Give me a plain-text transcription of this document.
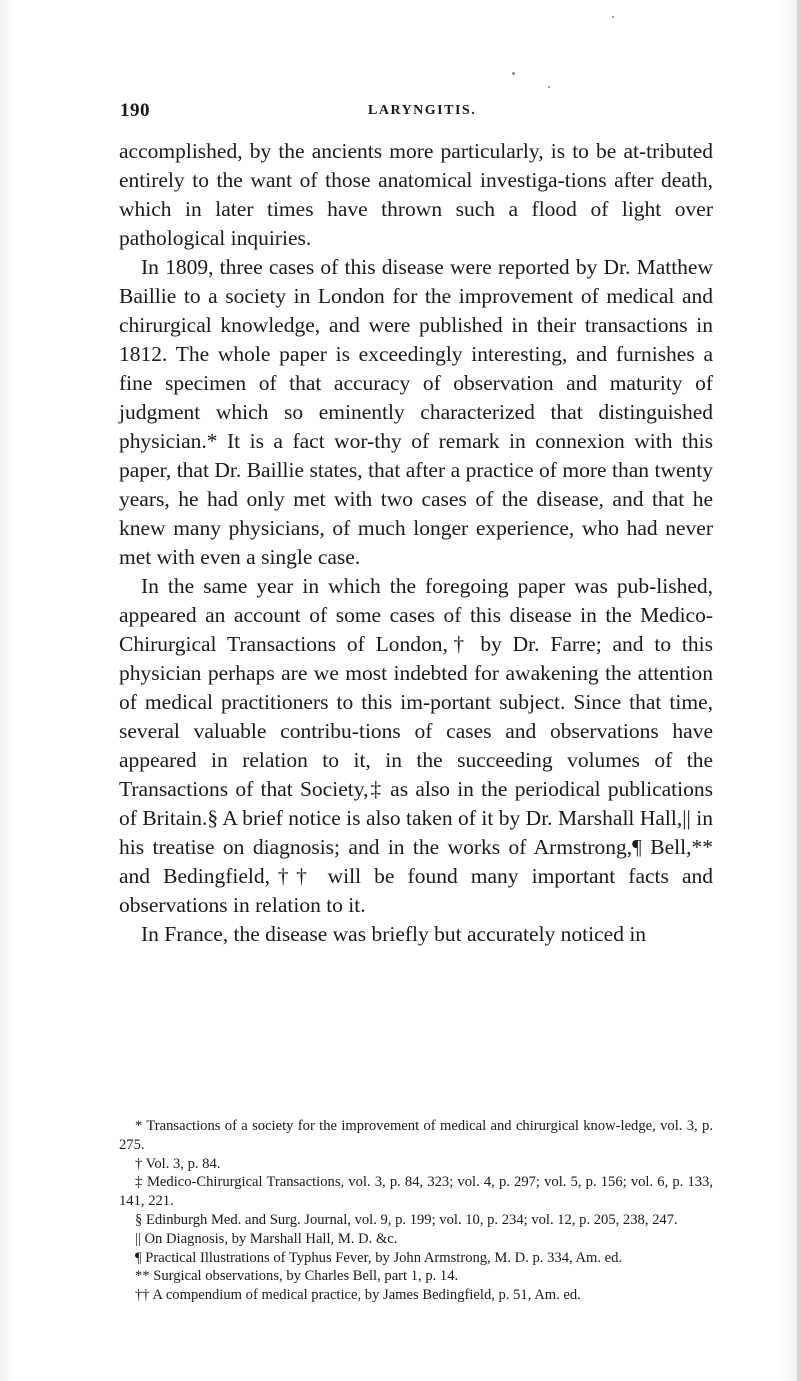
190	LARYNGITIS.

accomplished, by the ancients more particularly, is to be at-tributed entirely to the want of those anatomical investiga-tions after death, which in later times have thrown such a flood of light over pathological inquiries.

In 1809, three cases of this disease were reported by Dr. Matthew Baillie to a society in London for the improvement of medical and chirurgical knowledge, and were published in their transactions in 1812. The whole paper is exceedingly interesting, and furnishes a fine specimen of that accuracy of observation and maturity of judgment which so eminently characterized that distinguished physician.* It is a fact wor-thy of remark in connexion with this paper, that Dr. Baillie states, that after a practice of more than twenty years, he had only met with two cases of the disease, and that he knew many physicians, of much longer experience, who had never met with even a single case.

In the same year in which the foregoing paper was pub-lished, appeared an account of some cases of this disease in the Medico-Chirurgical Transactions of London,† by Dr. Farre; and to this physician perhaps are we most indebted for awakening the attention of medical practitioners to this im-portant subject. Since that time, several valuable contribu-tions of cases and observations have appeared in relation to it, in the succeeding volumes of the Transactions of that Society,‡ as also in the periodical publications of Britain.§ A brief notice is also taken of it by Dr. Marshall Hall,|| in his treatise on diagnosis; and in the works of Armstrong,¶ Bell,** and Bedingfield,†† will be found many important facts and observations in relation to it.

In France, the disease was briefly but accurately noticed in

* Transactions of a society for the improvement of medical and chirurgical know-ledge, vol. 3, p. 275.

† Vol. 3, p. 84.

‡ Medico-Chirurgical Transactions, vol. 3, p. 84, 323; vol. 4, p. 297; vol. 5, p. 156; vol. 6, p. 133, 141, 221.

§ Edinburgh Med. and Surg. Journal, vol. 9, p. 199; vol. 10, p. 234; vol. 12, p. 205, 238, 247.

|| On Diagnosis, by Marshall Hall, M. D. &c.

¶ Practical Illustrations of Typhus Fever, by John Armstrong, M. D. p. 334, Am. ed.

** Surgical observations, by Charles Bell, part 1, p. 14.

†† A compendium of medical practice, by James Bedingfield, p. 51, Am. ed.
